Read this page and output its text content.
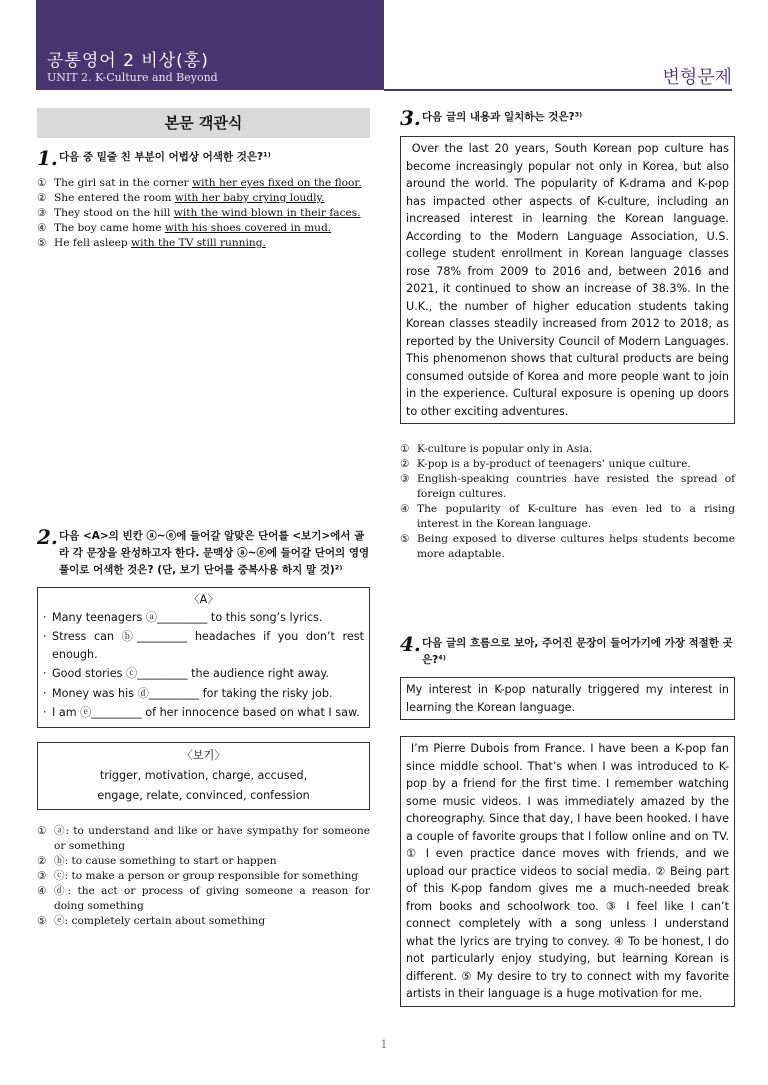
공통영어 2 비상(홍)
UNIT 2. K-Culture and Beyond	변형문제
본문 객관식
1. 다음 중 밑줄 친 부분이 어법상 어색한 것은?¹⁾
① The girl sat in the corner with her eyes fixed on the floor.
② She entered the room with her baby crying loudly.
③ They stood on the hill with the wind blown in their faces.
④ The boy came home with his shoes covered in mud.
⑤ He fell asleep with the TV still running.
2. 다음 <A>의 빈칸 ⓐ~ⓔ에 들어갈 알맞은 단어를 <보기>에서 골라 각 문장을 완성하고자 한다. 문맥상 ⓐ~ⓔ에 들어갈 단어의 영영 풀이로 어색한 것은? (단, 보기 단어를 중복사용 하지 말 것)²⁾
〈A〉
· Many teenagers ⓐ_________ to this song’s lyrics.
· Stress can ⓑ_________ headaches if you don’t rest enough.
· Good stories ⓒ_________ the audience right away.
· Money was his ⓓ_________ for taking the risky job.
· I am ⓔ_________ of her innocence based on what I saw.
〈보기〉
trigger, motivation, charge, accused,
engage, relate, convinced, confession
① ⓐ: to understand and like or have sympathy for someone or something
② ⓑ: to cause something to start or happen
③ ⓒ: to make a person or group responsible for something
④ ⓓ: the act or process of giving someone a reason for doing something
⑤ ⓔ: completely certain about something
3. 다음 글의 내용과 일치하는 것은?³⁾

Over the last 20 years, South Korean pop culture has become increasingly popular not only in Korea, but also around the world. The popularity of K-drama and K-pop has impacted other aspects of K-culture, including an increased interest in learning the Korean language. According to the Modern Language Association, U.S. college student enrollment in Korean language classes rose 78% from 2009 to 2016 and, between 2016 and 2021, it continued to show an increase of 38.3%. In the U.K., the number of higher education students taking Korean classes steadily increased from 2012 to 2018, as reported by the University Council of Modern Languages. This phenomenon shows that cultural products are being consumed outside of Korea and more people want to join in the experience. Cultural exposure is opening up doors to other exciting adventures.

① K-culture is popular only in Asia.
② K-pop is a by-product of teenagers’ unique culture.
③ English-speaking countries have resisted the spread of foreign cultures.
④ The popularity of K-culture has even led to a rising interest in the Korean language.
⑤ Being exposed to diverse cultures helps students become more adaptable.
4. 다음 글의 흐름으로 보아, 주어진 문장이 들어가기에 가장 적절한 곳은?⁴⁾

My interest in K-pop naturally triggered my interest in learning the Korean language.

I’m Pierre Dubois from France. I have been a K-pop fan since middle school. That’s when I was introduced to K-pop by a friend for the first time. I remember watching some music videos. I was immediately amazed by the choreography. Since that day, I have been hooked. I have a couple of favorite groups that I follow online and on TV. ① I even practice dance moves with friends, and we upload our practice videos to social media. ② Being part of this K-pop fandom gives me a much-needed break from books and schoolwork too. ③ I feel like I can’t connect completely with a song unless I understand what the lyrics are trying to convey. ④ To be honest, I do not particularly enjoy studying, but learning Korean is different. ⑤ My desire to try to connect with my favorite artists in their language is a huge motivation for me.

1
